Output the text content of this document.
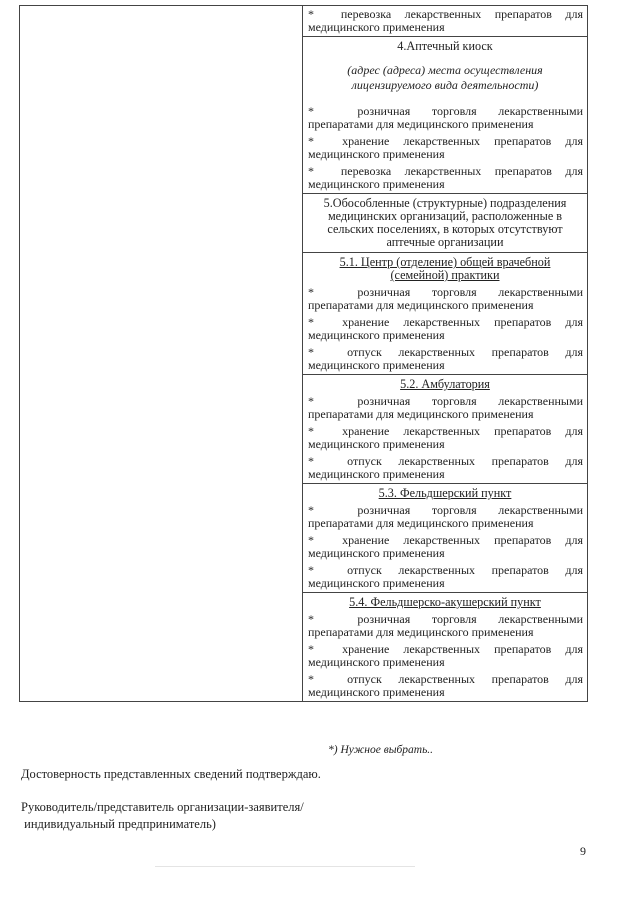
* перевозка лекарственных препаратов для
медицинского применения

4.Аптечный киоск
(адрес (адреса) места осуществления
лицензируемого вида деятельности)
*	розничная торговля лекарственными
препаратами для медицинского применения
* хранение лекарственных препаратов для
медицинского применения
* перевозка лекарственных препаратов для
медицинского применения

5.Обособленные (структурные) подразделения
медицинских организаций, расположенные в
сельских поселениях, в которых отсутствуют
аптечные организации

5.1. Центр (отделение) общей врачебной
(семейной) практики
*	розничная торговля лекарственными
препаратами для медицинского применения
* хранение лекарственных препаратов для
медицинского применения
*	отпуск лекарственных препаратов для
медицинского применения

5.2. Амбулатория
*	розничная торговля лекарственными
препаратами для медицинского применения
* хранение лекарственных препаратов для
медицинского применения
*	отпуск лекарственных препаратов для
медицинского применения

5.3. Фельдшерский пункт
*	розничная торговля лекарственными
препаратами для медицинского применения
* хранение лекарственных препаратов для
медицинского применения
*	отпуск лекарственных препаратов для
медицинского применения

5.4. Фельдшерско-акушерский пункт
*	розничная торговля лекарственными
препаратами для медицинского применения
* хранение лекарственных препаратов для
медицинского применения
*	отпуск лекарственных препаратов для
медицинского применения
*) Нужное выбрать..
Достоверность представленных сведений подтверждаю.
Руководитель/представитель организации-заявителя/
индивидуальный предприниматель)
9
